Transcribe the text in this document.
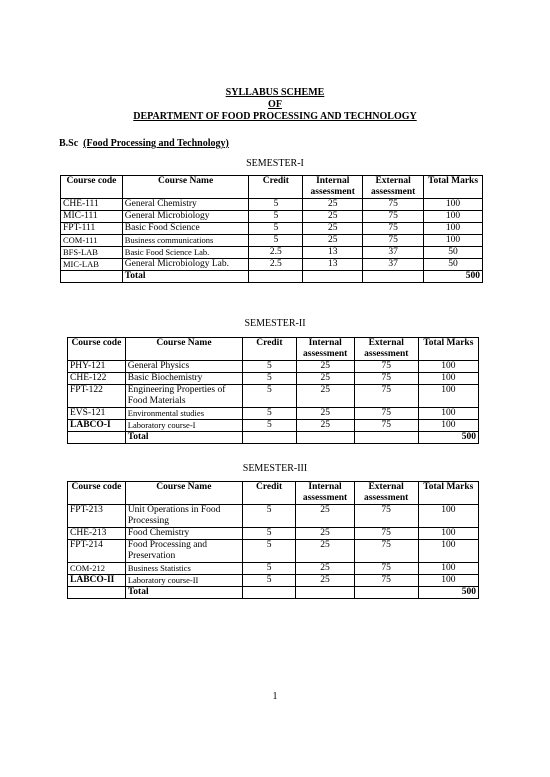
SYLLABUS SCHEME
OF
DEPARTMENT OF FOOD PROCESSING AND TECHNOLOGY
B.Sc (Food Processing and Technology)
SEMESTER-I
Course code	Course Name	Credit	Internal assessment	External assessment	Total Marks
CHE-111	General Chemistry	5	25	75	100
MIC-111	General Microbiology	5	25	75	100
FPT-111	Basic Food Science	5	25	75	100
COM-111	Business communications	5	25	75	100
BFS-LAB	Basic Food Science Lab.	2.5	13	37	50
MIC-LAB	General Microbiology Lab.	2.5	13	37	50
	Total				500
SEMESTER-II
Course code	Course Name	Credit	Internal assessment	External assessment	Total Marks
PHY-121	General Physics	5	25	75	100
CHE-122	Basic Biochemistry	5	25	75	100
FPT-122	Engineering Properties of Food Materials	5	25	75	100
EVS-121	Environmental studies	5	25	75	100
LABCO-I	Laboratory course-I	5	25	75	100
	Total				500
SEMESTER-III
Course code	Course Name	Credit	Internal assessment	External assessment	Total Marks
FPT-213	Unit Operations in Food Processing	5	25	75	100
CHE-213	Food Chemistry	5	25	75	100
FPT-214	Food Processing and Preservation	5	25	75	100
COM-212	Business Statistics	5	25	75	100
LABCO-II	Laboratory course-II	5	25	75	100
	Total				500
1
